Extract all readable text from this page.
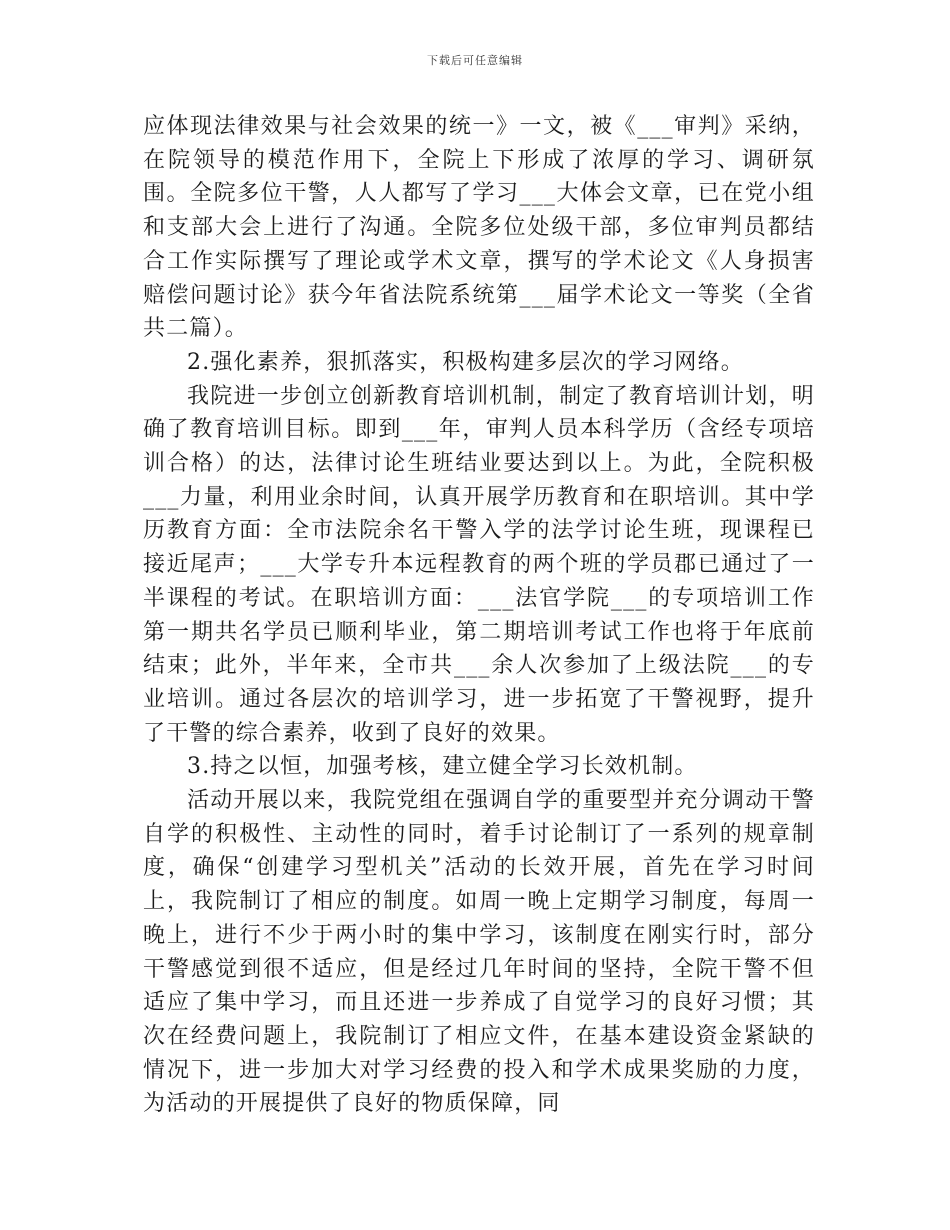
下载后可任意编辑

应体现法律效果与社会效果的统一》一文，被《___审判》采纳，在院领导的模范作用下，全院上下形成了浓厚的学习、调研氛围。全院多位干警，人人都写了学习___大体会文章，已在党小组和支部大会上进行了沟通。全院多位处级干部，多位审判员都结合工作实际撰写了理论或学术文章，撰写的学术论文《人身损害赔偿问题讨论》获今年省法院系统第___届学术论文一等奖（全省共二篇）。

2.强化素养，狠抓落实，积极构建多层次的学习网络。

我院进一步创立创新教育培训机制，制定了教育培训计划，明确了教育培训目标。即到___年，审判人员本科学历（含经专项培训合格）的达，法律讨论生班结业要达到以上。为此，全院积极___力量，利用业余时间，认真开展学历教育和在职培训。其中学历教育方面：全市法院余名干警入学的法学讨论生班，现课程已接近尾声；___大学专升本远程教育的两个班的学员郡已通过了一半课程的考试。在职培训方面：___法官学院___的专项培训工作第一期共名学员已顺利毕业，第二期培训考试工作也将于年底前结束；此外，半年来，全市共___余人次参加了上级法院___的专业培训。通过各层次的培训学习，进一步拓宽了干警视野，提升了干警的综合素养，收到了良好的效果。

3.持之以恒，加强考核，建立健全学习长效机制。

活动开展以来，我院党组在强调自学的重要型并充分调动干警自学的积极性、主动性的同时，着手讨论制订了一系列的规章制度，确保“创建学习型机关”活动的长效开展，首先在学习时间上，我院制订了相应的制度。如周一晚上定期学习制度，每周一晚上，进行不少于两小时的集中学习，该制度在刚实行时，部分干警感觉到很不适应，但是经过几年时间的坚持，全院干警不但适应了集中学习，而且还进一步养成了自觉学习的良好习惯；其次在经费问题上，我院制订了相应文件，在基本建设资金紧缺的情况下，进一步加大对学习经费的投入和学术成果奖励的力度，为活动的开展提供了良好的物质保障，同
